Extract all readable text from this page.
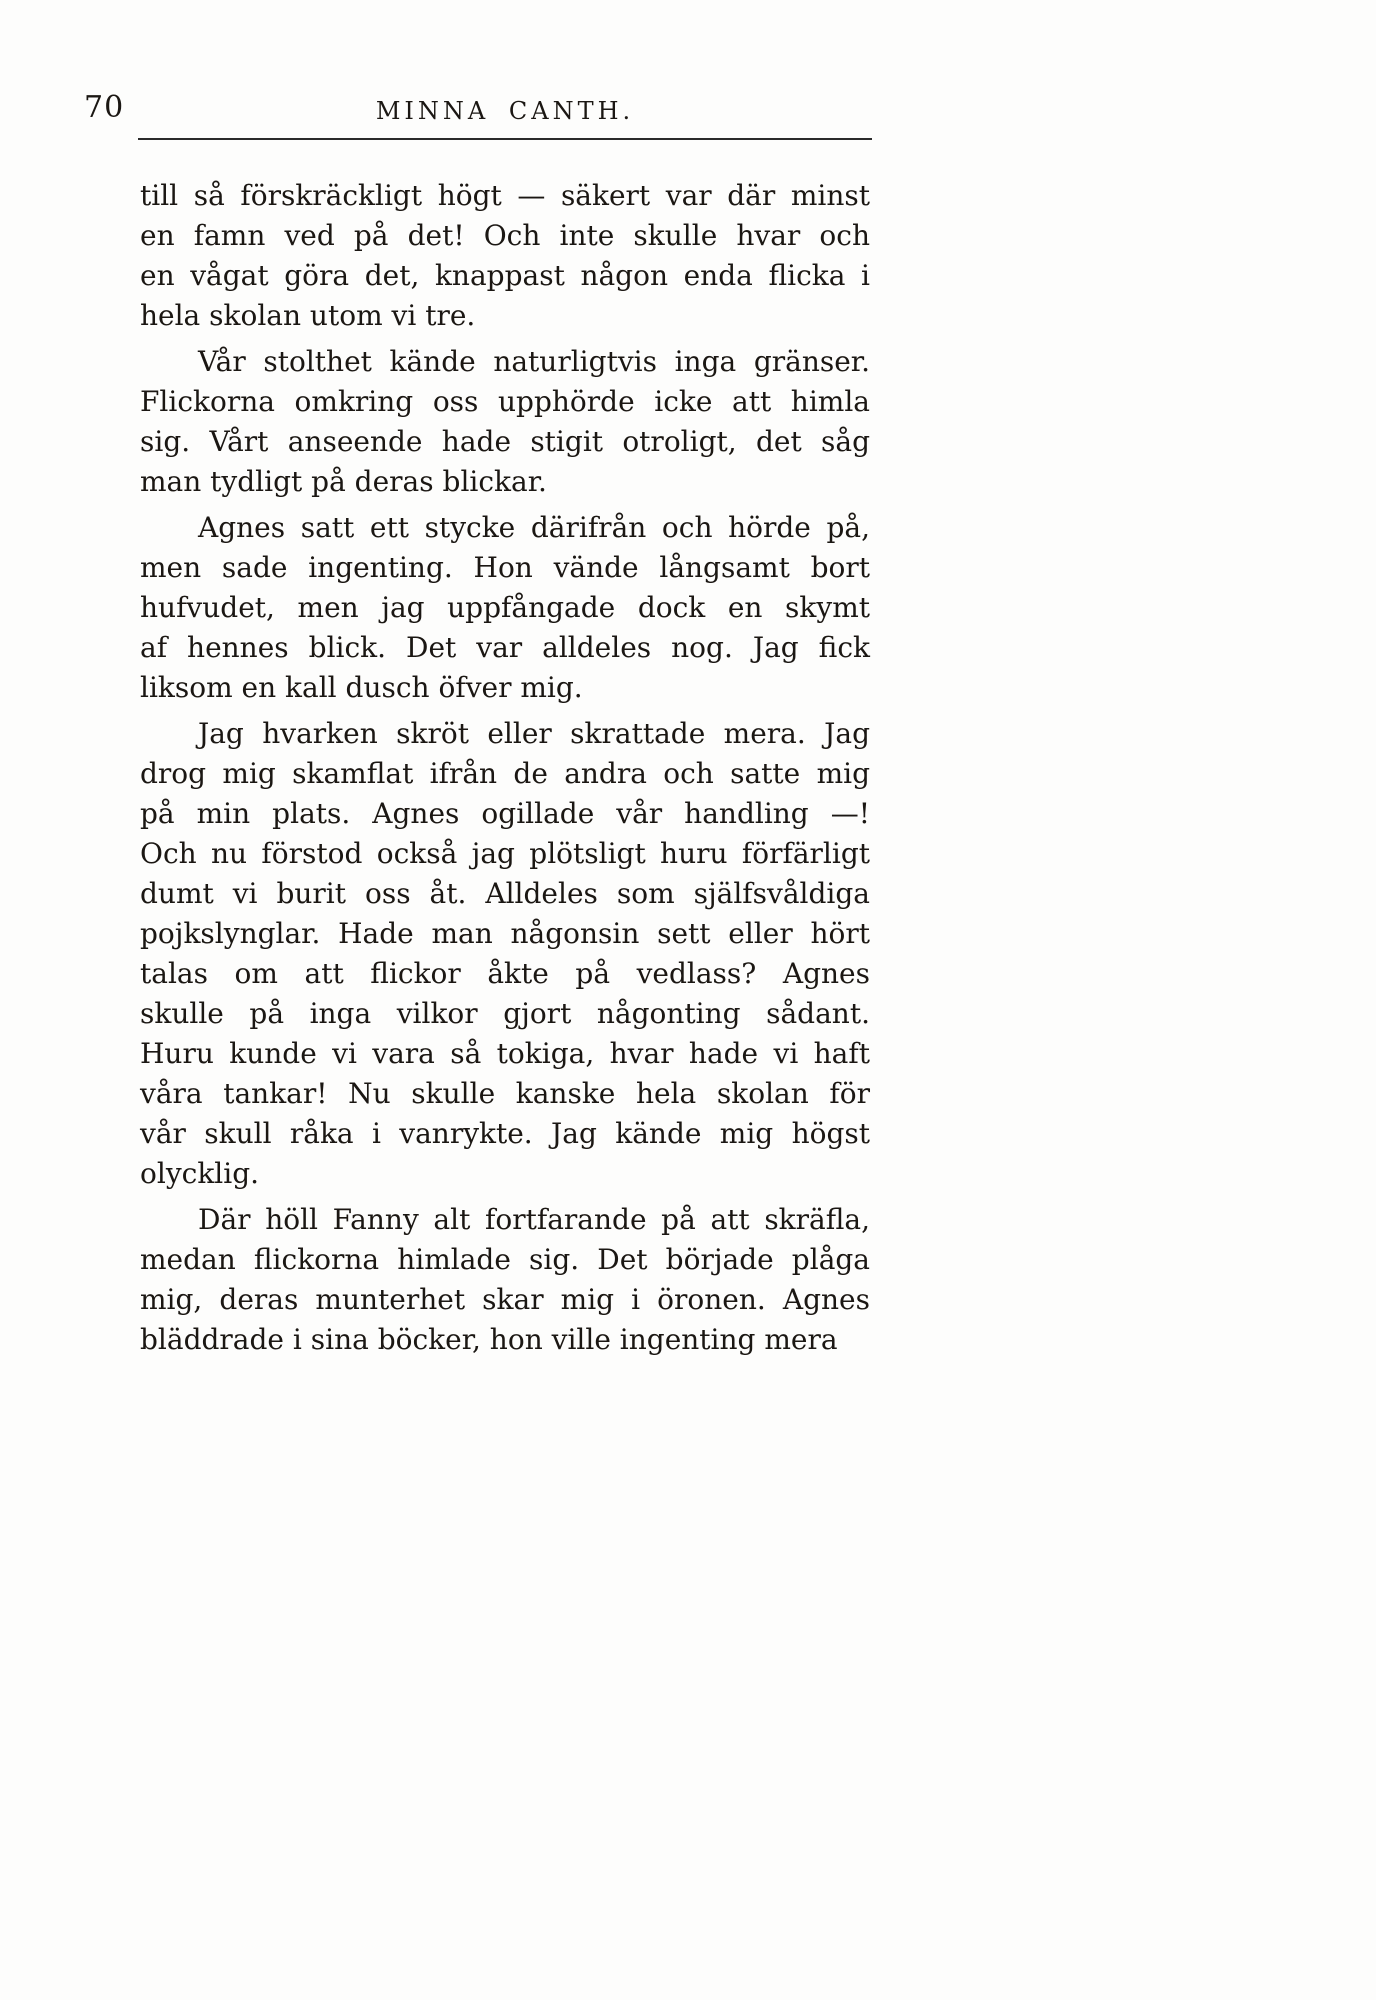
70	MINNA CANTH.

till så förskräckligt högt — säkert var där minst
en famn ved på det! Och inte skulle hvar och
en vågat göra det, knappast någon enda flicka i
hela skolan utom vi tre.

Vår stolthet kände naturligtvis inga gränser.
Flickorna omkring oss upphörde icke att himla
sig. Vårt anseende hade stigit otroligt, det såg
man tydligt på deras blickar.

Agnes satt ett stycke därifrån och hörde på,
men sade ingenting. Hon vände långsamt bort
hufvudet, men jag uppfångade dock en skymt
af hennes blick. Det var alldeles nog. Jag fick
liksom en kall dusch öfver mig.

Jag hvarken skröt eller skrattade mera. Jag
drog mig skamflat ifrån de andra och satte mig
på min plats. Agnes ogillade vår handling —!
Och nu förstod också jag plötsligt huru förfärligt
dumt vi burit oss åt. Alldeles som själfsvåldiga
pojkslynglar. Hade man någonsin sett eller hört
talas om att flickor åkte på vedlass? Agnes
skulle på inga vilkor gjort någonting sådant.
Huru kunde vi vara så tokiga, hvar hade vi haft
våra tankar! Nu skulle kanske hela skolan för
vår skull råka i vanrykte. Jag kände mig högst
olycklig.

Där höll Fanny alt fortfarande på att skräfla,
medan flickorna himlade sig. Det började plåga
mig, deras munterhet skar mig i öronen. Agnes
bläddrade i sina böcker, hon ville ingenting mera
